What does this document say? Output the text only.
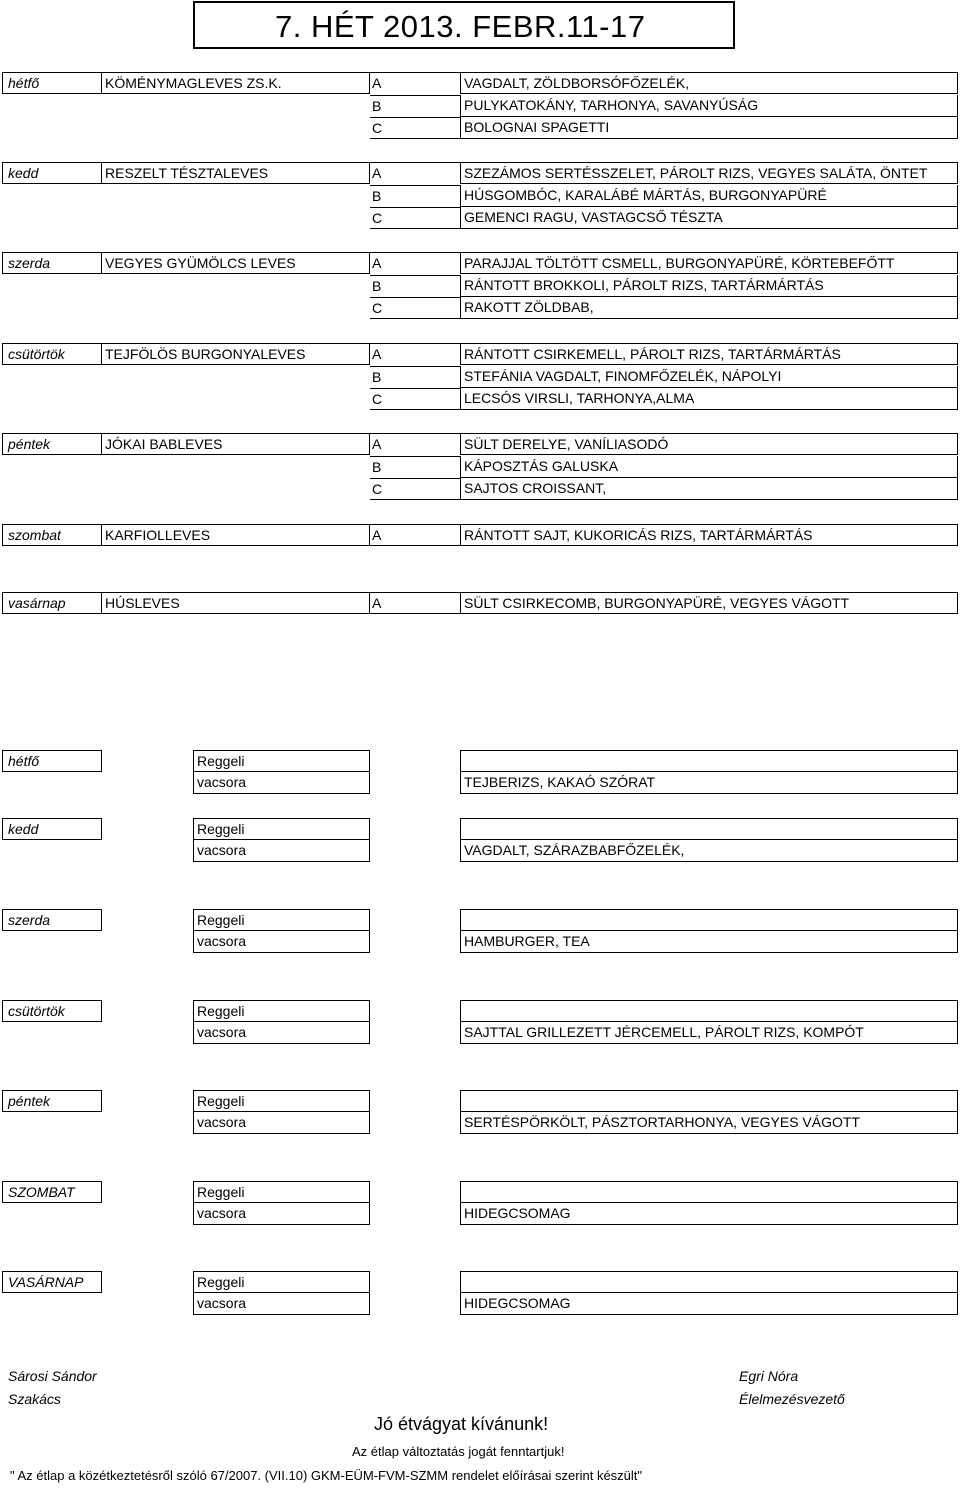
7. HÉT 2013. FEBR.11-17
hétfő	KÖMÉNYMAGLEVES ZS.K.	A	VAGDALT, ZÖLDBORSÓFŐZELÉK,
B	PULYKATOKÁNY, TARHONYA, SAVANYÚSÁG
C	BOLOGNAI SPAGETTI
kedd	RESZELT TÉSZTALEVES	A	SZEZÁMOS SERTÉSSZELET, PÁROLT RIZS, VEGYES SALÁTA, ÖNTET
B	HÚSGOMBÓC, KARALÁBÉ MÁRTÁS, BURGONYAPÜRÉ
C	GEMENCI RAGU, VASTAGCSŐ TÉSZTA
szerda	VEGYES GYÜMÖLCS LEVES	A	PARAJJAL TÖLTÖTT CSMELL, BURGONYAPÜRÉ, KÖRTEBEFŐTT
B	RÁNTOTT BROKKOLI, PÁROLT RIZS, TARTÁRMÁRTÁS
C	RAKOTT ZÖLDBAB,
csütörtök	TEJFÖLÖS BURGONYALEVES	A	RÁNTOTT CSIRKEMELL, PÁROLT RIZS, TARTÁRMÁRTÁS
B	STEFÁNIA VAGDALT, FINOMFŐZELÉK, NÁPOLYI
C	LECSÓS VIRSLI, TARHONYA,ALMA
péntek	JÓKAI BABLEVES	A	SÜLT DERELYE, VANÍLIASODÓ
B	KÁPOSZTÁS GALUSKA
C	SAJTOS CROISSANT,
szombat	KARFIOLLEVES	A	RÁNTOTT SAJT, KUKORICÁS RIZS, TARTÁRMÁRTÁS
vasárnap	HÚSLEVES	A	SÜLT CSIRKECOMB, BURGONYAPÜRÉ, VEGYES VÁGOTT
hétfő	Reggeli
vacsora	TEJBERIZS, KAKAÓ SZÓRAT
kedd	Reggeli
vacsora	VAGDALT, SZÁRAZBABFŐZELÉK,
szerda	Reggeli
vacsora	HAMBURGER, TEA
csütörtök	Reggeli
vacsora	SAJTTAL GRILLEZETT JÉRCEMELL, PÁROLT RIZS, KOMPÓT
péntek	Reggeli
vacsora	SERTÉSPÖRKÖLT, PÁSZTORTARHONYA, VEGYES VÁGOTT
SZOMBAT	Reggeli
vacsora	HIDEGCSOMAG
VASÁRNAP	Reggeli
vacsora	HIDEGCSOMAG
Sárosi Sándor
Szakács
Egri Nóra
Élelmezésvezető
Jó étvágyat kívánunk!
Az étlap változtatás jogát fenntartjuk!
" Az étlap a közétkeztetésről szóló 67/2007. (VII.10) GKM-EÜM-FVM-SZMM rendelet előírásai szerint készült"
